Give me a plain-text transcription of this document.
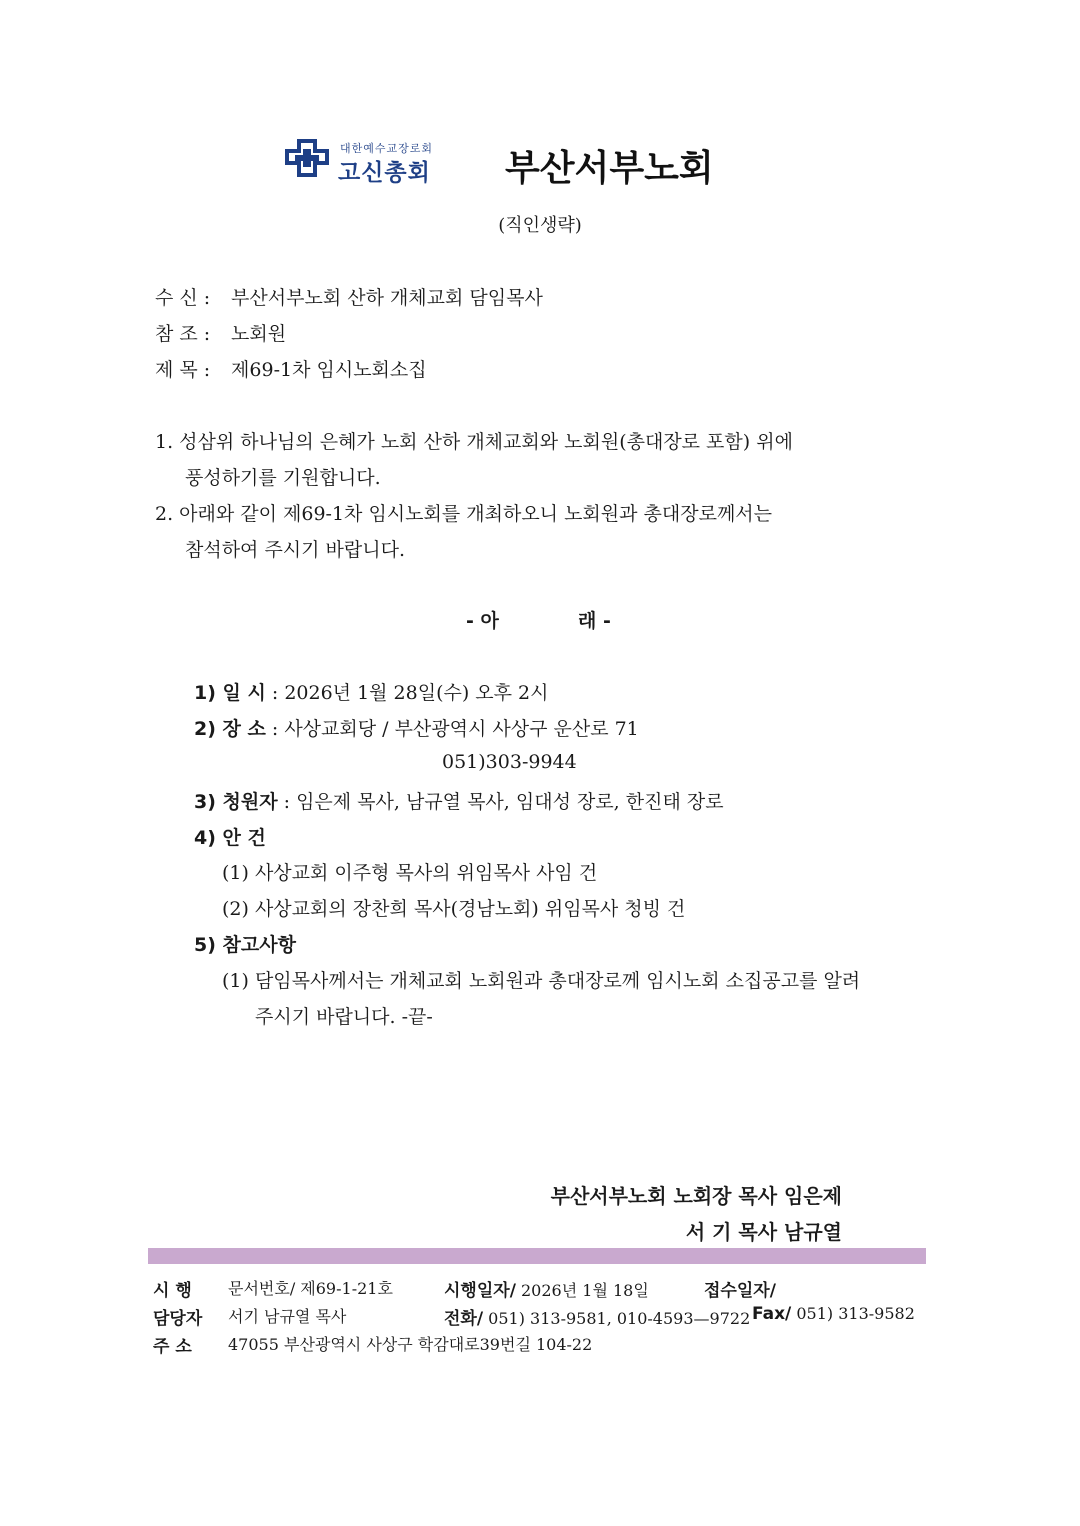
대한예수교장로회
고신총회 부산서부노회
(직인생략)
수 신 : 부산서부노회 산하 개체교회 담임목사
참 조 : 노회원
제 목 : 제69-1차 임시노회소집
1. 성삼위 하나님의 은혜가 노회 산하 개체교회와 노회원(총대장로 포함) 위에
풍성하기를 기원합니다.
2. 아래와 같이 제69-1차 임시노회를 개최하오니 노회원과 총대장로께서는
참석하여 주시기 바랍니다.
- 아	래 -
1) 일 시 : 2026년 1월 28일(수) 오후 2시
2) 장 소 : 사상교회당 / 부산광역시 사상구 운산로 71
051)303-9944
3) 청원자 : 임은제 목사, 남규열 목사, 임대성 장로, 한진태 장로
4) 안 건
(1) 사상교회 이주형 목사의 위임목사 사임 건
(2) 사상교회의 장찬희 목사(경남노회) 위임목사 청빙 건
5) 참고사항
(1) 담임목사께서는 개체교회 노회원과 총대장로께 임시노회 소집공고를 알려
주시기 바랍니다. -끝-
부산서부노회 노회장 목사 임은제
서 기 목사 남규열
시 행 문서번호/ 제69-1-21호	시행일자/ 2026년 1월 18일	접수일자/
담당자 서기 남규열 목사	전화/ 051) 313-9581, 010-4593—9722 Fax/ 051) 313-9582
주 소 47055 부산광역시 사상구 학감대로39번길 104-22
